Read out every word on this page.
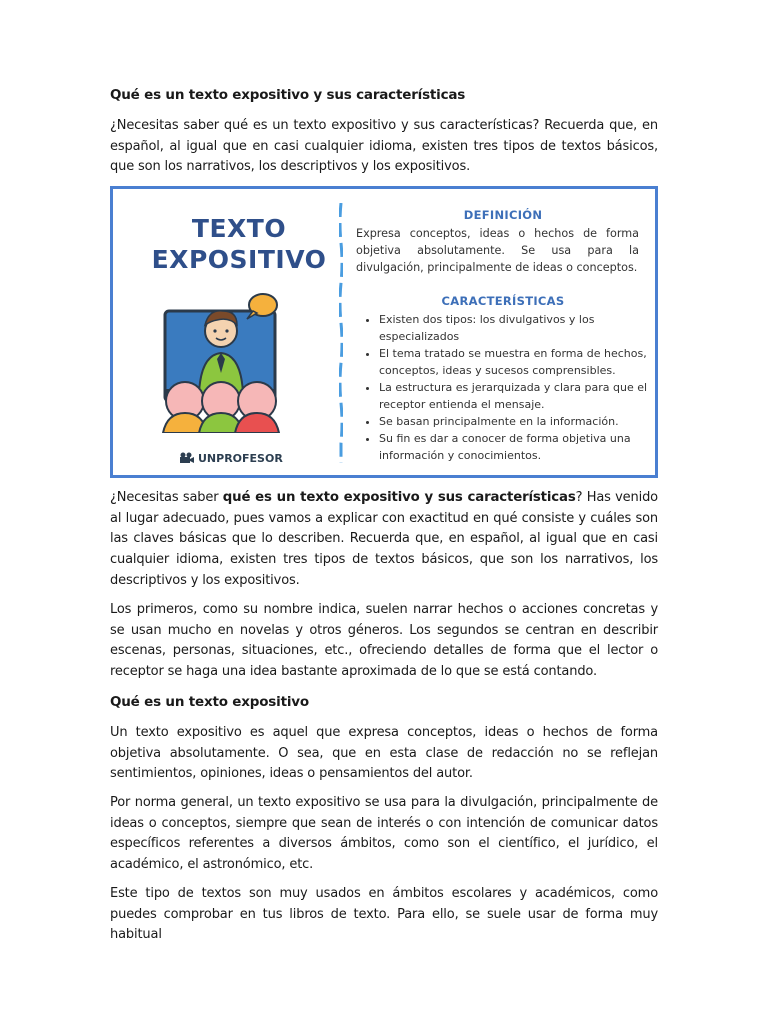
Qué es un texto expositivo y sus características

¿Necesitas saber qué es un texto expositivo y sus características? Recuerda que, en español, al igual que en casi cualquier idioma, existen tres tipos de textos básicos, que son los narrativos, los descriptivos y los expositivos.

TEXTO
EXPOSITIVO
UNPROFESOR
DEFINICIÓN
Expresa conceptos, ideas o hechos de forma objetiva absolutamente. Se usa para la divulgación, principalmente de ideas o conceptos.
CARACTERÍSTICAS
• Existen dos tipos: los divulgativos y los especializados
• El tema tratado se muestra en forma de hechos, conceptos, ideas y sucesos comprensibles.
• La estructura es jerarquizada y clara para que el receptor entienda el mensaje.
• Se basan principalmente en la información.
• Su fin es dar a conocer de forma objetiva una información y conocimientos.

¿Necesitas saber qué es un texto expositivo y sus características? Has venido al lugar adecuado, pues vamos a explicar con exactitud en qué consiste y cuáles son las claves básicas que lo describen. Recuerda que, en español, al igual que en casi cualquier idioma, existen tres tipos de textos básicos, que son los narrativos, los descriptivos y los expositivos.

Los primeros, como su nombre indica, suelen narrar hechos o acciones concretas y se usan mucho en novelas y otros géneros. Los segundos se centran en describir escenas, personas, situaciones, etc., ofreciendo detalles de forma que el lector o receptor se haga una idea bastante aproximada de lo que se está contando.

Qué es un texto expositivo

Un texto expositivo es aquel que expresa conceptos, ideas o hechos de forma objetiva absolutamente. O sea, que en esta clase de redacción no se reflejan sentimientos, opiniones, ideas o pensamientos del autor.

Por norma general, un texto expositivo se usa para la divulgación, principalmente de ideas o conceptos, siempre que sean de interés o con intención de comunicar datos específicos referentes a diversos ámbitos, como son el científico, el jurídico, el académico, el astronómico, etc.

Este tipo de textos son muy usados en ámbitos escolares y académicos, como puedes comprobar en tus libros de texto. Para ello, se suele usar de forma muy habitual
